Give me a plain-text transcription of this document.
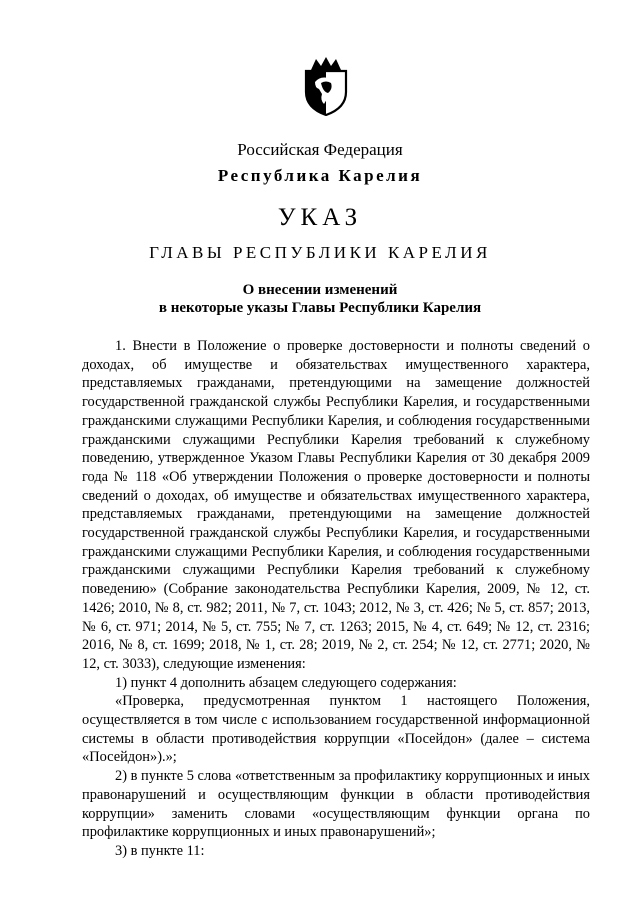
Российская Федерация
Республика Карелия
УКАЗ
ГЛАВЫ РЕСПУБЛИКИ КАРЕЛИЯ
О внесении изменений
в некоторые указы Главы Республики Карелия

1. Внести в Положение о проверке достоверности и полноты сведений о доходах, об имуществе и обязательствах имущественного характера, представляемых гражданами, претендующими на замещение должностей государственной гражданской службы Республики Карелия, и государственными гражданскими служащими Республики Карелия, и соблюдения государственными гражданскими служащими Республики Карелия требований к служебному поведению, утвержденное Указом Главы Республики Карелия от 30 декабря 2009 года № 118 «Об утверждении Положения о проверке достоверности и полноты сведений о доходах, об имуществе и обязательствах имущественного характера, представляемых гражданами, претендующими на замещение должностей государственной гражданской службы Республики Карелия, и государственными гражданскими служащими Республики Карелия, и соблюдения государственными гражданскими служащими Республики Карелия требований к служебному поведению» (Собрание законодательства Республики Карелия, 2009, № 12, ст. 1426; 2010, № 8, ст. 982; 2011, № 7, ст. 1043; 2012, № 3, ст. 426; № 5, ст. 857; 2013, № 6, ст. 971; 2014, № 5, ст. 755; № 7, ст. 1263; 2015, № 4, ст. 649; № 12, ст. 2316; 2016, № 8, ст. 1699; 2018, № 1, ст. 28; 2019, № 2, ст. 254; № 12, ст. 2771; 2020, № 12, ст. 3033), следующие изменения:

1) пункт 4 дополнить абзацем следующего содержания:

«Проверка, предусмотренная пунктом 1 настоящего Положения, осуществляется в том числе с использованием государственной информационной системы в области противодействия коррупции «Посейдон» (далее – система «Посейдон»).»;

2) в пункте 5 слова «ответственным за профилактику коррупционных и иных правонарушений и осуществляющим функции в области противодействия коррупции» заменить словами «осуществляющим функции органа по профилактике коррупционных и иных правонарушений»;

3) в пункте 11:
